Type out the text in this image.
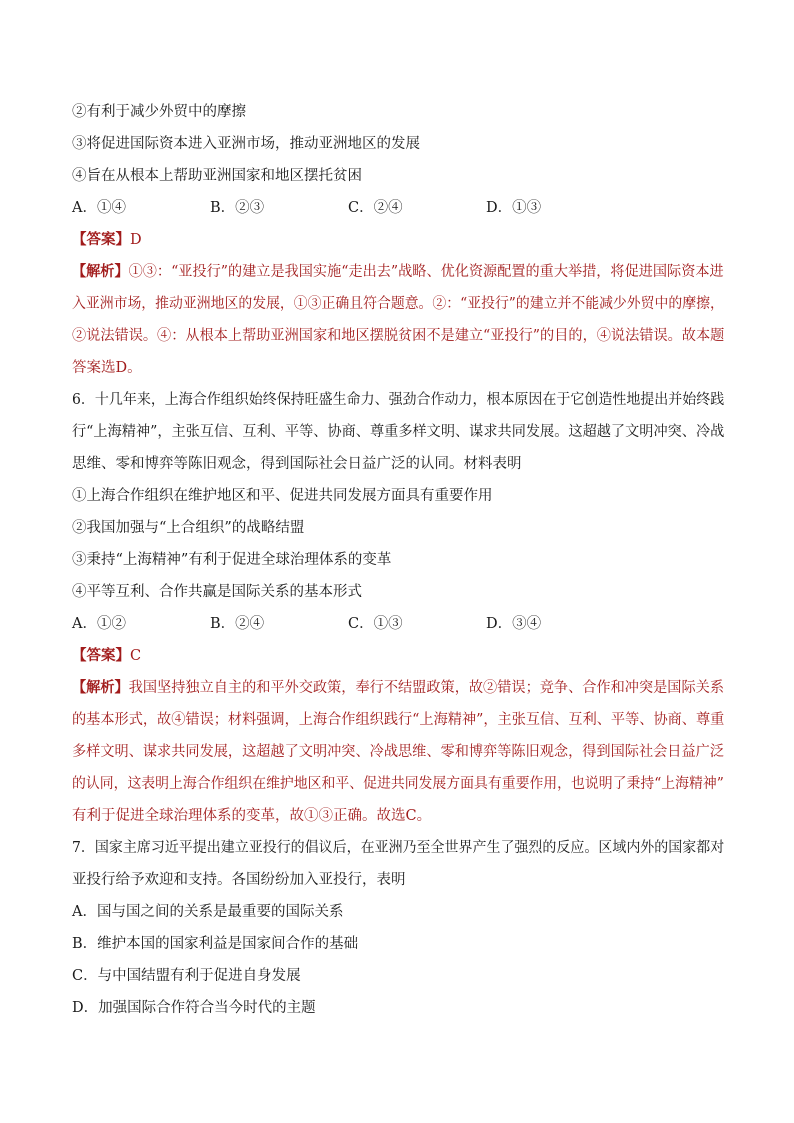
②有利于减少外贸中的摩擦
③将促进国际资本进入亚洲市场，推动亚洲地区的发展
④旨在从根本上帮助亚洲国家和地区摆托贫困
A．①④	B．②③	C．②④	D．①③
【答案】D
【解析】①③：“亚投行”的建立是我国实施“走出去”战略、优化资源配置的重大举措，将促进国际资本进
入亚洲市场，推动亚洲地区的发展，①③正确且符合题意。②：“亚投行”的建立并不能减少外贸中的摩擦，
②说法错误。④：从根本上帮助亚洲国家和地区摆脱贫困不是建立“亚投行”的目的，④说法错误。故本题
答案选D。
6．十几年来，上海合作组织始终保持旺盛生命力、强劲合作动力，根本原因在于它创造性地提出并始终践
行“上海精神”，主张互信、互利、平等、协商、尊重多样文明、谋求共同发展。这超越了文明冲突、冷战
思维、零和博弈等陈旧观念，得到国际社会日益广泛的认同。材料表明
①上海合作组织在维护地区和平、促进共同发展方面具有重要作用
②我国加强与“上合组织”的战略结盟
③秉持“上海精神”有利于促进全球治理体系的变革
④平等互利、合作共赢是国际关系的基本形式
A．①②	B．②④	C．①③	D．③④
【答案】C
【解析】我国坚持独立自主的和平外交政策，奉行不结盟政策，故②错误；竞争、合作和冲突是国际关系
的基本形式，故④错误；材料强调，上海合作组织践行“上海精神”，主张互信、互利、平等、协商、尊重
多样文明、谋求共同发展，这超越了文明冲突、冷战思维、零和博弈等陈旧观念，得到国际社会日益广泛
的认同，这表明上海合作组织在维护地区和平、促进共同发展方面具有重要作用，也说明了秉持“上海精神”
有利于促进全球治理体系的变革，故①③正确。故选C。
7．国家主席习近平提出建立亚投行的倡议后，在亚洲乃至全世界产生了强烈的反应。区域内外的国家都对
亚投行给予欢迎和支持。各国纷纷加入亚投行，表明
A．国与国之间的关系是最重要的国际关系
B．维护本国的国家利益是国家间合作的基础
C．与中国结盟有利于促进自身发展
D．加强国际合作符合当今时代的主题
